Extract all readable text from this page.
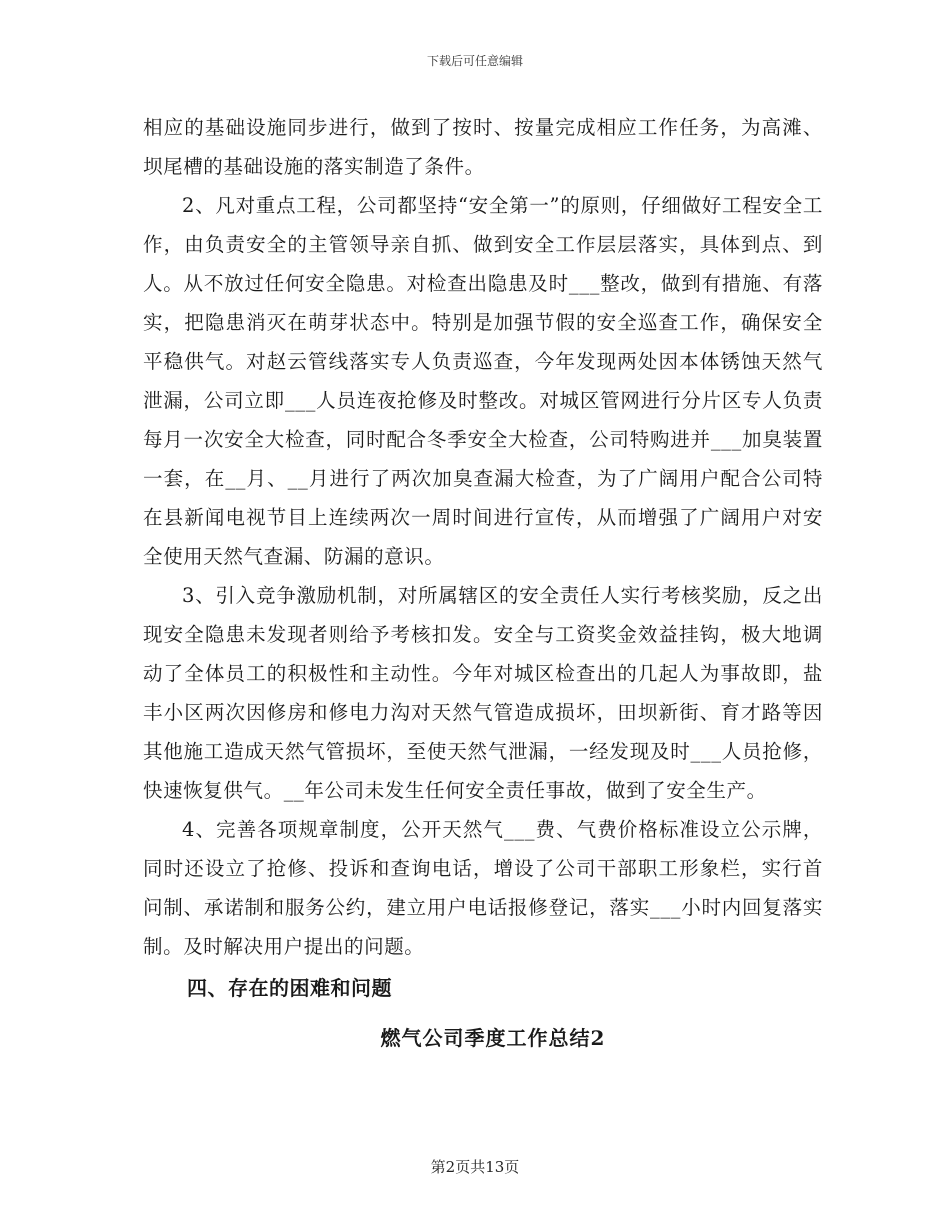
下载后可任意编辑

相应的基础设施同步进行，做到了按时、按量完成相应工作任务，为高滩、坝尾槽的基础设施的落实制造了条件。

2、凡对重点工程，公司都坚持“安全第一”的原则，仔细做好工程安全工作，由负责安全的主管领导亲自抓、做到安全工作层层落实，具体到点、到人。从不放过任何安全隐患。对检查出隐患及时___整改，做到有措施、有落实，把隐患消灭在萌芽状态中。特别是加强节假的安全巡查工作，确保安全平稳供气。对赵云管线落实专人负责巡查，今年发现两处因本体锈蚀天然气泄漏，公司立即___人员连夜抢修及时整改。对城区管网进行分片区专人负责每月一次安全大检查，同时配合冬季安全大检查，公司特购进并___加臭装置一套，在__月、__月进行了两次加臭查漏大检查，为了广阔用户配合公司特在县新闻电视节目上连续两次一周时间进行宣传，从而增强了广阔用户对安全使用天然气查漏、防漏的意识。

3、引入竞争激励机制，对所属辖区的安全责任人实行考核奖励，反之出现安全隐患未发现者则给予考核扣发。安全与工资奖金效益挂钩，极大地调动了全体员工的积极性和主动性。今年对城区检查出的几起人为事故即，盐丰小区两次因修房和修电力沟对天然气管造成损坏，田坝新街、育才路等因其他施工造成天然气管损坏，至使天然气泄漏，一经发现及时___人员抢修，快速恢复供气。__年公司未发生任何安全责任事故，做到了安全生产。

4、完善各项规章制度，公开天然气___费、气费价格标准设立公示牌，同时还设立了抢修、投诉和查询电话，增设了公司干部职工形象栏，实行首问制、承诺制和服务公约，建立用户电话报修登记，落实___小时内回复落实制。及时解决用户提出的问题。

四、存在的困难和问题
燃气公司季度工作总结2
第2页共13页
